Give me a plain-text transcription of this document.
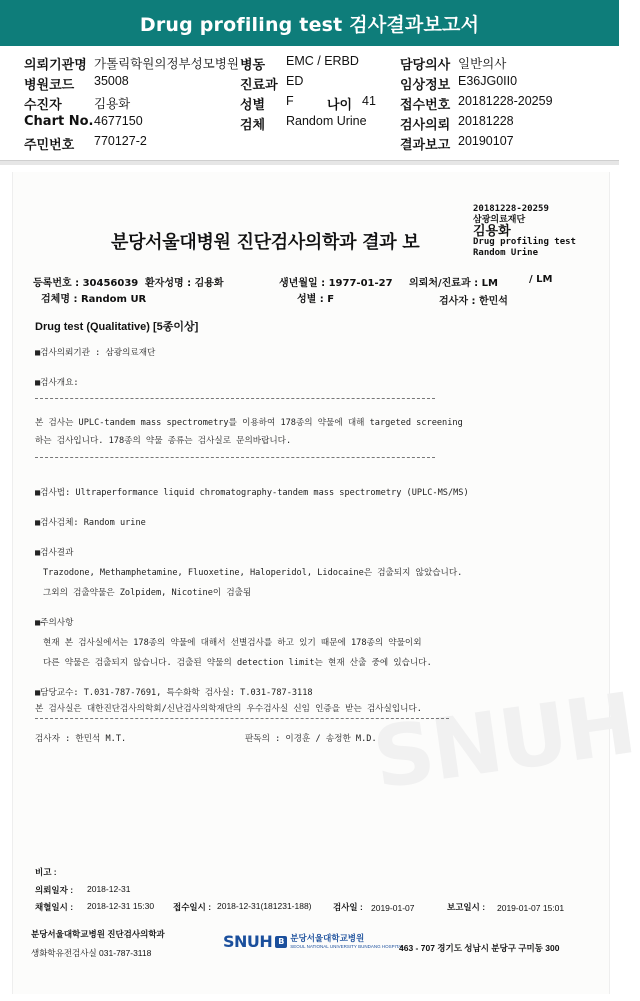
Drug profiling test 검사결과보고서
의뢰기관명 가톨릭학원의정부성모병원 병동 EMC / ERBD	담당의사 일반의사
병원코드 35008	진료과 ED	임상정보 E36JG0II0
수진자	김용화	성별 F	나이 41 접수번호 20181228-20259
Chart No. 4677150	검체 Random Urine	검사의뢰 20181228
주민번호 770127-2	결과보고 20190107
SNUH
20181228-20259
삼광의료재단
김용화
Drug profiling test
Random Urine
분당서울대병원 진단검사의학과 결과 보
등록번호 : 30456039 환자성명 : 김용화	생년월일 : 1977-01-27 의뢰처/진료과 : LM	/ LM
검체명 : Random UR	성별 : F	검사자 : 한민석
Drug test (Qualitative) [5종이상]
■검사의뢰기관 : 삼광의료재단
■검사개요:
본 검사는 UPLC-tandem mass spectrometry를 이용하여 178종의 약물에 대해 targeted screening
하는 검사입니다. 178종의 약물 종류는 검사실로 문의바랍니다.
■검사법: Ultraperformance liquid chromatography-tandem mass spectrometry (UPLC-MS/MS)
■검사검체: Random urine
■검사결과
Trazodone, Methamphetamine, Fluoxetine, Haloperidol, Lidocaine은 검출되지 않았습니다.
그외의 검출약물은 Zolpidem, Nicotine이 검출됨
■주의사항
현재 본 검사실에서는 178종의 약물에 대해서 선별검사를 하고 있기 때문에 178종의 약물이외
다른 약물은 검출되지 않습니다. 검출된 약물의 detection limit는 현재 산출 중에 있습니다.
■담당교수: T.031-787-7691, 특수화학 검사실: T.031-787-3118
본 검사실은 대한진단검사의학회/신난검사의학재단의 우수검사실 신임 인증을 받는 검사실입니다.
검사자 : 한민석 M.T.	판독의 : 이경훈 / 송정한 M.D.
비고 :
의뢰일자 : 2018-12-31
채혈일시 : 2018-12-31 15:30 접수일시 : 2018-12-31(181231-188)	검사일 : 2019-01-07	보고일시 : 2019-01-07 15:01
분당서울대학교병원 진단검사의학과
생화학유전검사실 031-787-3118
SNUH B 분당서울대학교병원
SEOUL NATIONAL UNIVERSITY BUNDANG HOSPITAL
463 - 707 경기도 성남시 분당구 구미동 300
